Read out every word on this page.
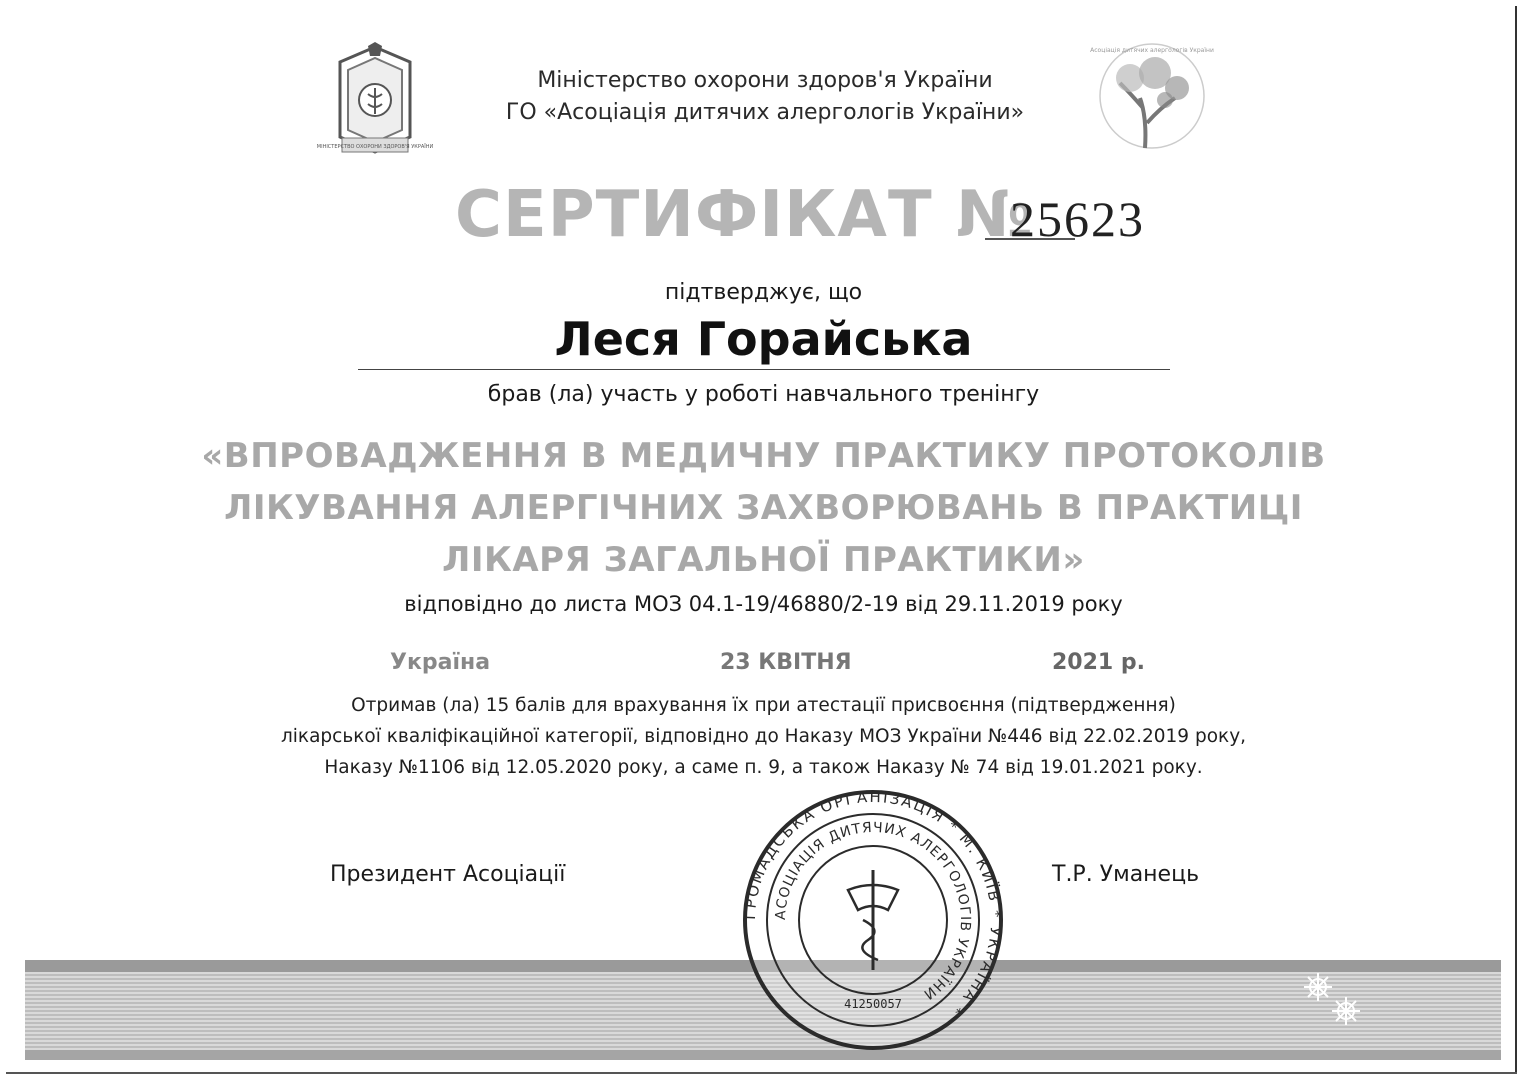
МІНІСТЕРСТВО ОХОРОНИ ЗДОРОВ'Я УКРАЇНИ
Міністерство охорони здоров'я України
ГО «Асоціація дитячих алергологів України»
Асоціація дитячих алергологів України
СЕРТИФІКАТ №
25623
підтверджує, що
Леся Горайська
брав (ла) участь у роботі навчального тренінгу
«ВПРОВАДЖЕННЯ В МЕДИЧНУ ПРАКТИКУ ПРОТОКОЛІВ
ЛІКУВАННЯ АЛЕРГІЧНИХ ЗАХВОРЮВАНЬ В ПРАКТИЦІ
ЛІКАРЯ ЗАГАЛЬНОЇ ПРАКТИКИ»
відповідно до листа МОЗ 04.1-19/46880/2-19 від 29.11.2019 року
Україна	23 КВІТНЯ	2021 р.
Отримав (ла) 15 балів для врахування їх при атестації присвоєння (підтвердження)
лікарської кваліфікаційної категорії, відповідно до Наказу МОЗ України №446 від 22.02.2019 року,
Наказу №1106 від 12.05.2020 року, а саме п. 9, а також Наказу № 74 від 19.01.2021 року.
Президент Асоціації	Т.Р. Уманець
ГРОМАДСЬКА ОРГАНІЗАЦІЯ * М. КИЇВ * УКРАЇНА *
АСОЦІАЦІЯ ДИТЯЧИХ АЛЕРГОЛОГІВ УКРАЇНИ
41250057
